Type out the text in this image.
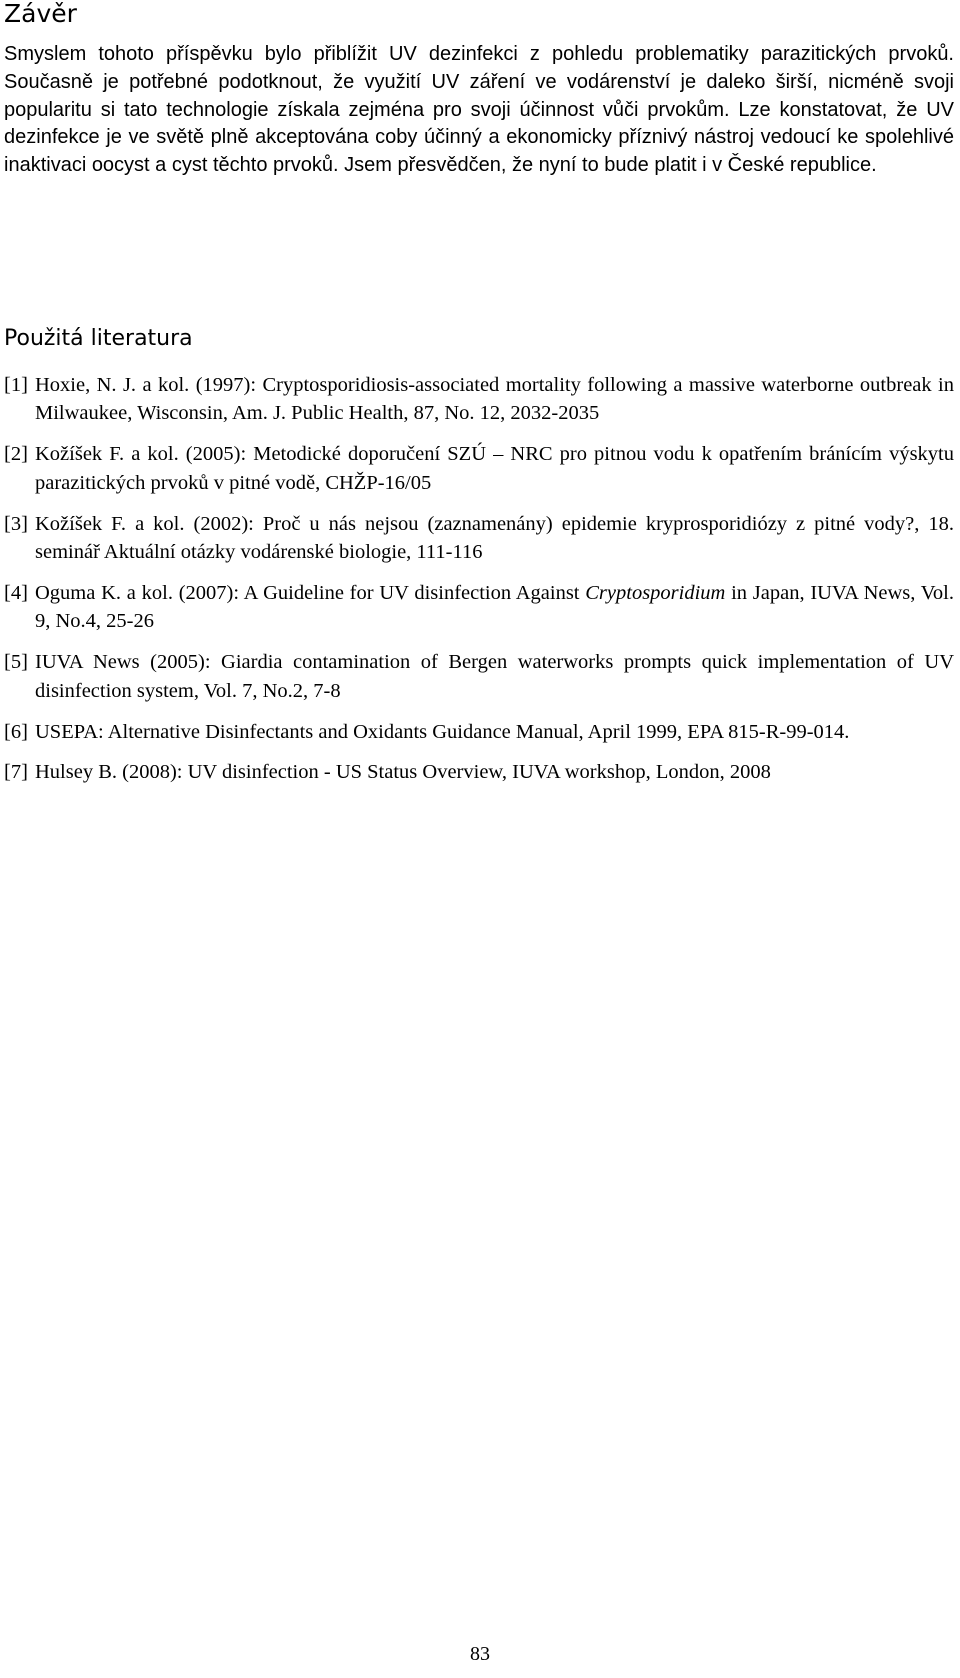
Závěr

Smyslem tohoto příspěvku bylo přiblížit UV dezinfekci z pohledu problematiky parazitických prvoků. Současně je potřebné podotknout, že využití UV záření ve vodárenství je daleko širší, nicméně svoji popularitu si tato technologie získala zejména pro svoji účinnost vůči prvokům. Lze konstatovat, že UV dezinfekce je ve světě plně akceptována coby účinný a ekonomicky příznivý nástroj vedoucí ke spolehlivé inaktivaci oocyst a cyst těchto prvoků. Jsem přesvědčen, že nyní to bude platit i v České republice.

Použitá literatura
[1] Hoxie, N. J. a kol. (1997): Cryptosporidiosis-associated mortality following a massive waterborne outbreak in Milwaukee, Wisconsin, Am. J. Public Health, 87, No. 12, 2032-2035
[2] Kožíšek F. a kol. (2005): Metodické doporučení SZÚ – NRC pro pitnou vodu k opatřením bránícím výskytu parazitických prvoků v pitné vodě, CHŽP-16/05
[3] Kožíšek F. a kol. (2002): Proč u nás nejsou (zaznamenány) epidemie kryprosporidiózy z pitné vody?, 18. seminář Aktuální otázky vodárenské biologie, 111-116
[4] Oguma K. a kol. (2007): A Guideline for UV disinfection Against Cryptosporidium in Japan, IUVA News, Vol. 9, No.4, 25-26
[5] IUVA News (2005): Giardia contamination of Bergen waterworks prompts quick implementation of UV disinfection system, Vol. 7, No.2, 7-8
[6] USEPA: Alternative Disinfectants and Oxidants Guidance Manual, April 1999, EPA 815-R-99-014.
[7] Hulsey B. (2008): UV disinfection - US Status Overview, IUVA workshop, London, 2008
83
